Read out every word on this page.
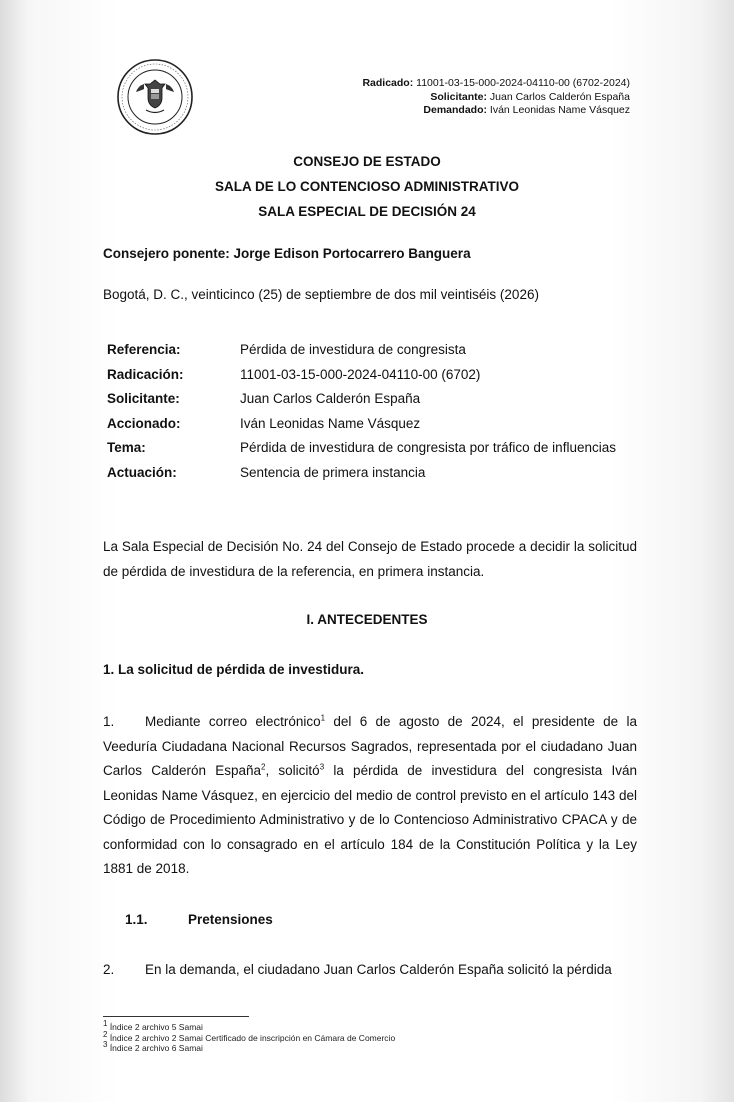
Radicado: 11001-03-15-000-2024-04110-00 (6702-2024)
Solicitante: Juan Carlos Calderón España
Demandado: Iván Leonidas Name Vásquez
CONSEJO DE ESTADO
SALA DE LO CONTENCIOSO ADMINISTRATIVO
SALA ESPECIAL DE DECISIÓN 24
Consejero ponente: Jorge Edison Portocarrero Banguera
Bogotá, D. C., veinticinco (25) de septiembre de dos mil veintiséis (2026)
Referencia:	Pérdida de investidura de congresista
Radicación:	11001-03-15-000-2024-04110-00 (6702)
Solicitante:	Juan Carlos Calderón España
Accionado:	Iván Leonidas Name Vásquez
Tema:	Pérdida de investidura de congresista por tráfico de influencias
Actuación:	Sentencia de primera instancia
La Sala Especial de Decisión No. 24 del Consejo de Estado procede a decidir la solicitud de pérdida de investidura de la referencia, en primera instancia.
I. ANTECEDENTES
1. La solicitud de pérdida de investidura.
1. Mediante correo electrónico$^1$ del 6 de agosto de 2024, el presidente de la Veeduría Ciudadana Nacional Recursos Sagrados, representada por el ciudadano Juan Carlos Calderón España$^2$, solicitó$^3$ la pérdida de investidura del congresista Iván Leonidas Name Vásquez, en ejercicio del medio de control previsto en el artículo 143 del Código de Procedimiento Administrativo y de lo Contencioso Administrativo CPACA y de conformidad con lo consagrado en el artículo 184 de la Constitución Política y la Ley 1881 de 2018.
1.1.	Pretensiones
2. En la demanda, el ciudadano Juan Carlos Calderón España solicitó la pérdida
$^1$ Índice 2 archivo 5 Samai
$^2$ Índice 2 archivo 2 Samai Certificado de inscripción en Cámara de Comercio
$^3$ Índice 2 archivo 6 Samai
